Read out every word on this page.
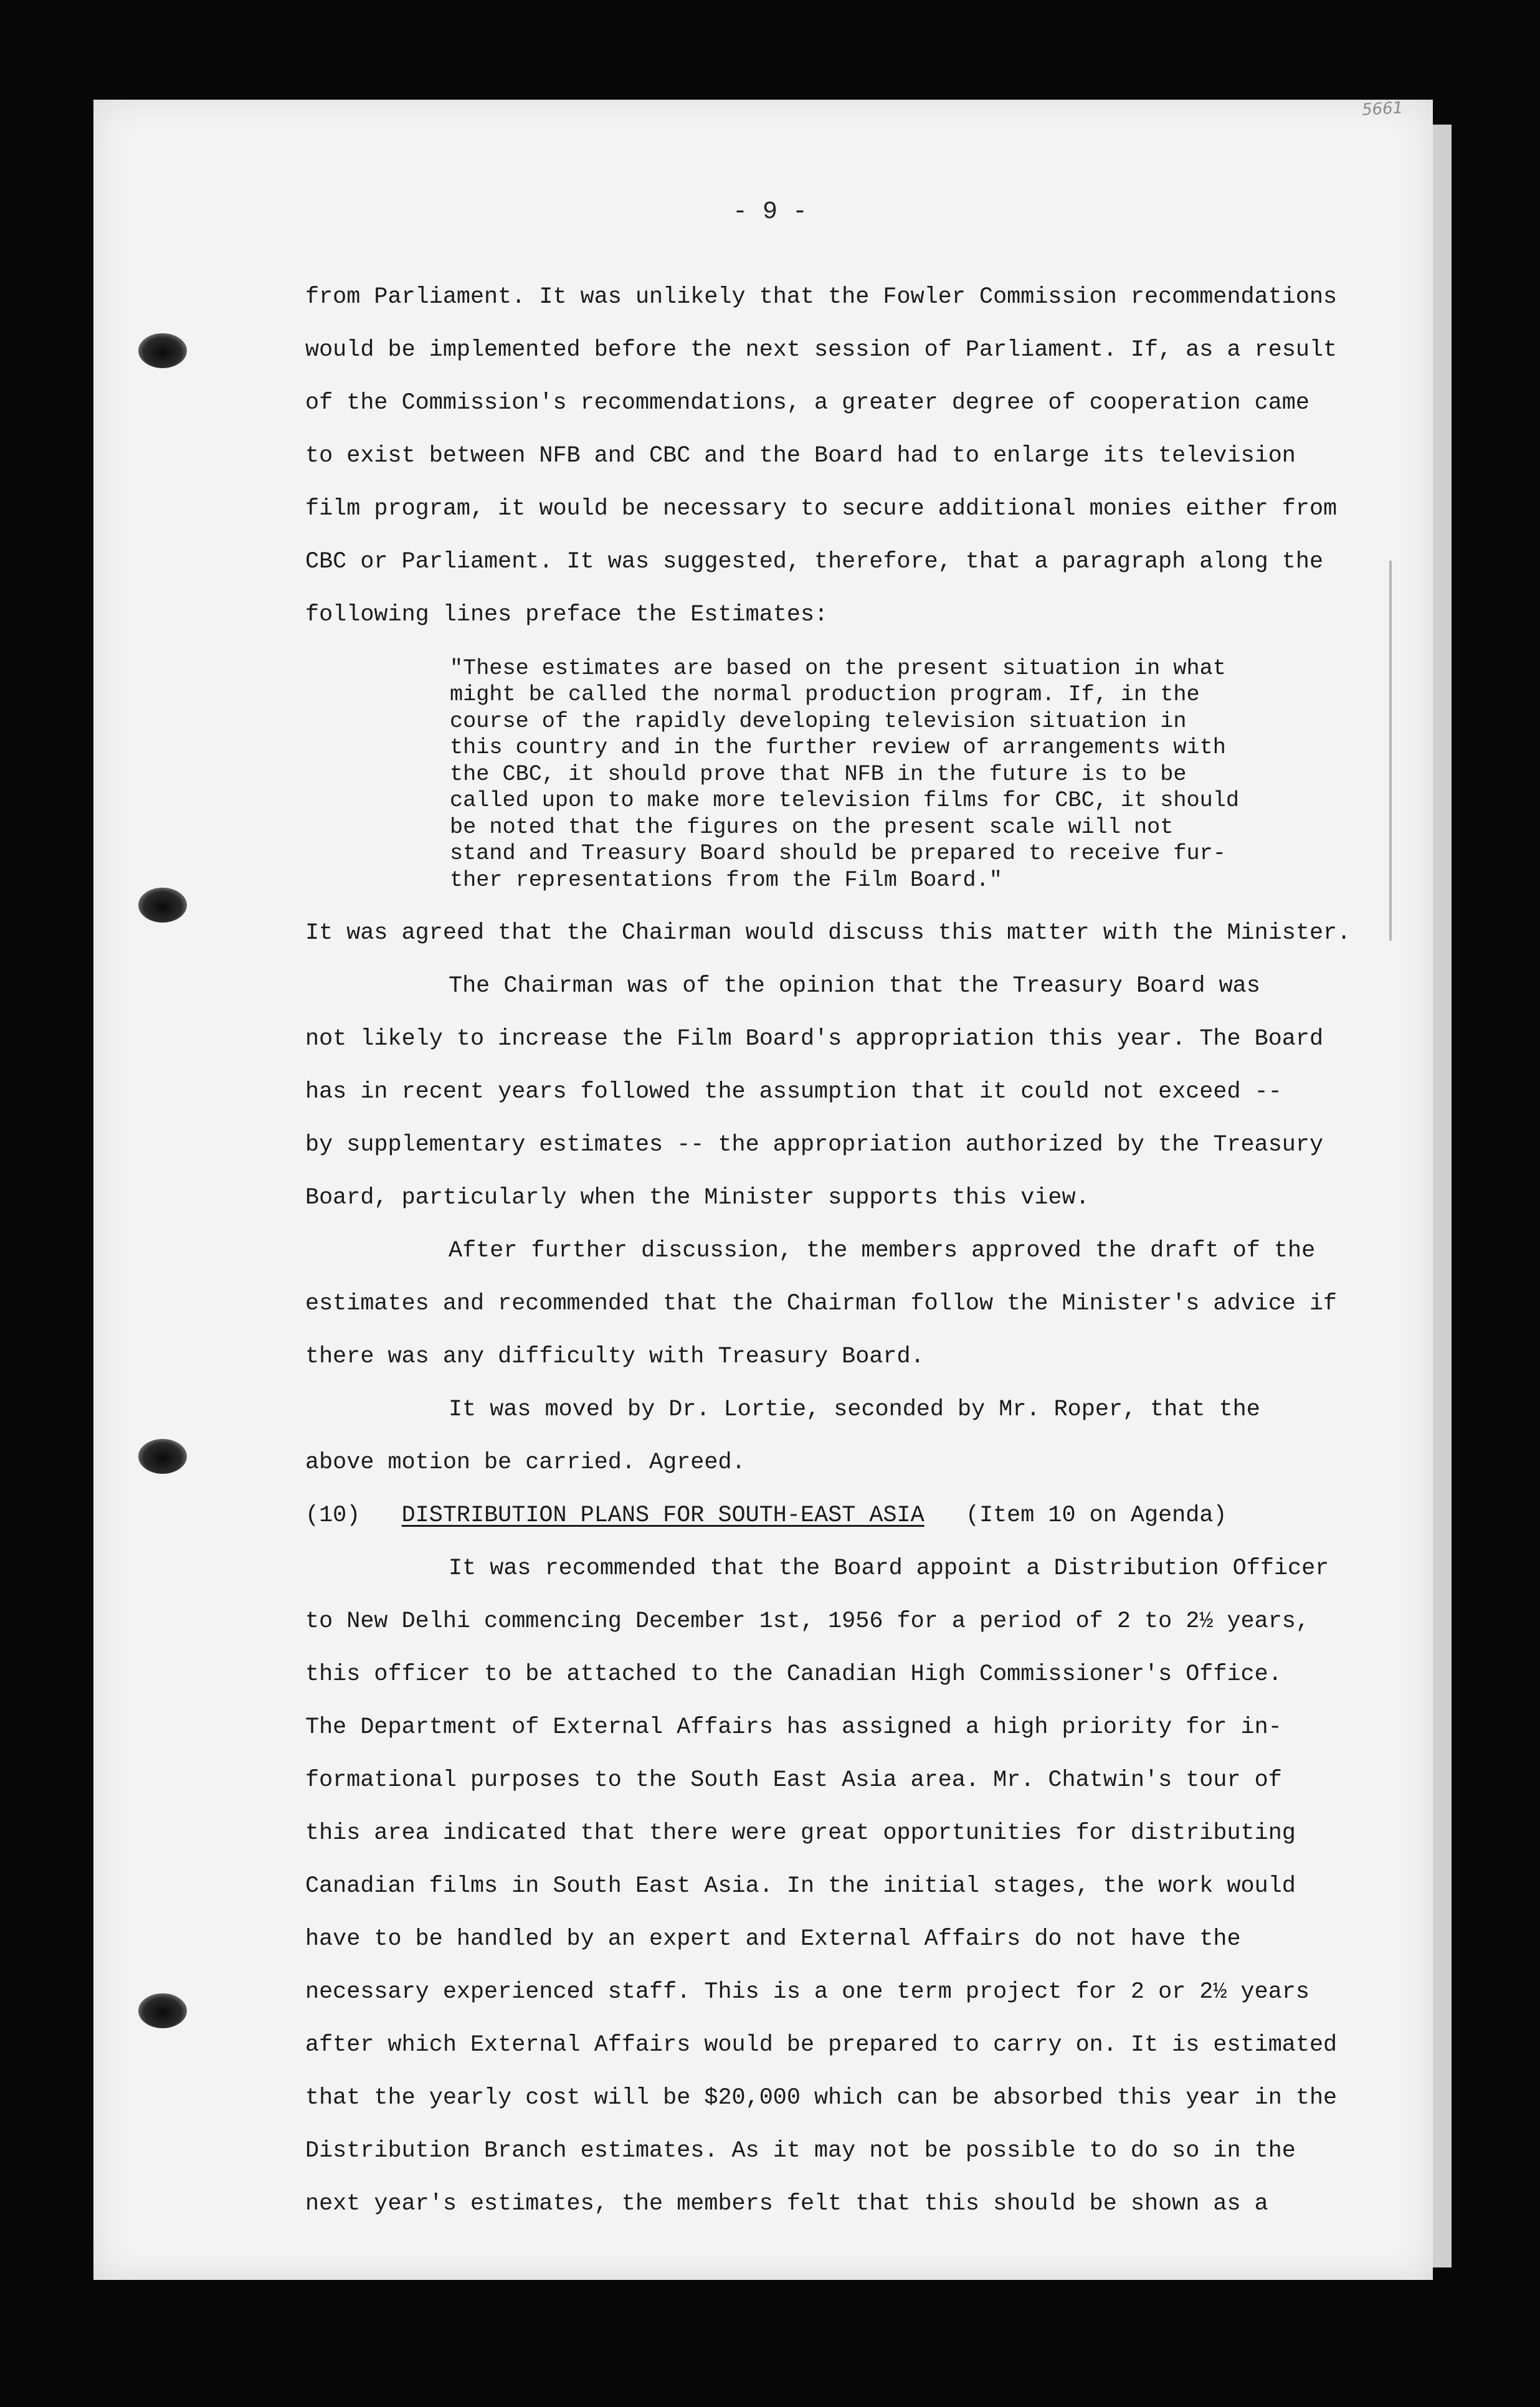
5661
- 9 -

from Parliament. It was unlikely that the Fowler Commission recommendations

would be implemented before the next session of Parliament. If, as a result

of the Commission's recommendations, a greater degree of cooperation came

to exist between NFB and CBC and the Board had to enlarge its television

film program, it would be necessary to secure additional monies either from

CBC or Parliament. It was suggested, therefore, that a paragraph along the

following lines preface the Estimates:

"These estimates are based on the present situation in what

might be called the normal production program. If, in the

course of the rapidly developing television situation in

this country and in the further review of arrangements with

the CBC, it should prove that NFB in the future is to be

called upon to make more television films for CBC, it should

be noted that the figures on the present scale will not

stand and Treasury Board should be prepared to receive fur-

ther representations from the Film Board."

It was agreed that the Chairman would discuss this matter with the Minister.

The Chairman was of the opinion that the Treasury Board was

not likely to increase the Film Board's appropriation this year. The Board

has in recent years followed the assumption that it could not exceed --

by supplementary estimates -- the appropriation authorized by the Treasury

Board, particularly when the Minister supports this view.

After further discussion, the members approved the draft of the

estimates and recommended that the Chairman follow the Minister's advice if

there was any difficulty with Treasury Board.

It was moved by Dr. Lortie, seconded by Mr. Roper, that the

above motion be carried. Agreed.

(10) DISTRIBUTION PLANS FOR SOUTH-EAST ASIA (Item 10 on Agenda)

It was recommended that the Board appoint a Distribution Officer

to New Delhi commencing December 1st, 1956 for a period of 2 to 2½ years,

this officer to be attached to the Canadian High Commissioner's Office.

The Department of External Affairs has assigned a high priority for in-

formational purposes to the South East Asia area. Mr. Chatwin's tour of

this area indicated that there were great opportunities for distributing

Canadian films in South East Asia. In the initial stages, the work would

have to be handled by an expert and External Affairs do not have the

necessary experienced staff. This is a one term project for 2 or 2½ years

after which External Affairs would be prepared to carry on. It is estimated

that the yearly cost will be $20,000 which can be absorbed this year in the

Distribution Branch estimates. As it may not be possible to do so in the

next year's estimates, the members felt that this should be shown as a
